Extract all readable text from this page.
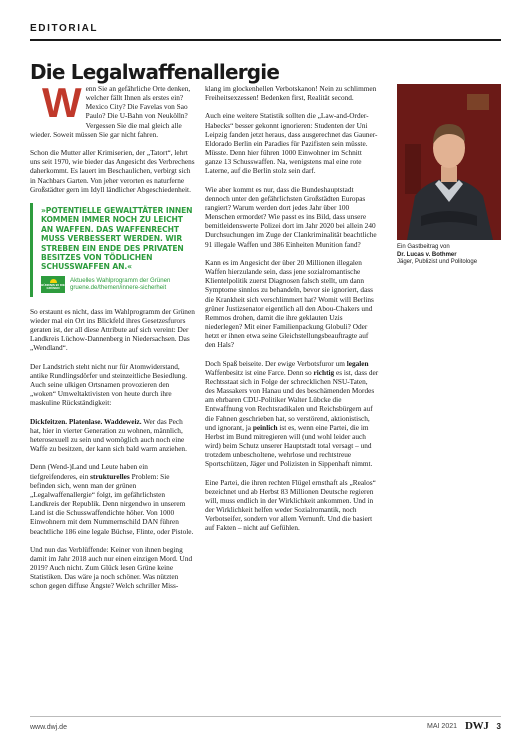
EDITORIAL
Die Legalwaffenallergie

Wenn Sie an gefährliche Orte denken, welcher fällt Ihnen als erstes ein? Mexico City? Die Favelas von Sao Paulo? Die U-Bahn von Neukölln? Vergessen Sie die mal gleich alle wieder. Soweit müssen Sie gar nicht fahren.

Schon die Mutter aller Krimiserien, der „Tatort“, lehrt uns seit 1970, wie bieder das Angesicht des Verbrechens daherkommt. Es lauert im Beschaulichen, verbirgt sich in Nachbars Garten. Von jeher verorten es naturferne Großstädter gern im Idyll ländlicher Abgeschiedenheit.

»POTENTIELLE GEWALTTÄTER INNEN KOMMEN IMMER NOCH ZU LEICHT AN WAFFEN. DAS WAFFENRECHT MUSS VERBESSERT WERDEN. WIR STREBEN EIN ENDE DES PRIVATEN BESITZES VON TÖDLICHEN SCHUSSWAFFEN AN.«
BÜNDNIS 90 DIE GRÜNEN
Aktuelles Wahlprogramm der Grünen
gruene.de/themen/innere-sicherheit

So erstaunt es nicht, dass im Wahlprogramm der Grünen wieder mal ein Ort ins Blickfeld ihres Gesetzesfurors geraten ist, der all diese Attribute auf sich vereint: Der Landkreis Lüchow-Dannenberg in Niedersachsen. Das „Wendland“.

Der Landstrich steht nicht nur für Atomwiderstand, antike Rundlingsdörfer und steinzeitliche Besiedlung. Auch seine ulkigen Ortsnamen provozieren den „woken“ Umweltaktivisten von heute durch ihre maskuline Rückständigkeit:

Dickfeitzen. Platenlase. Waddeweiz. Wer das Pech hat, hier in vierter Generation zu wohnen, männlich, heterosexuell zu sein und womöglich auch noch eine Waffe zu besitzen, der kann sich bald warm anziehen.

Denn (Wend-)Land und Leute haben ein tiefgreifenderes, ein strukturelles Problem: Sie befinden sich, wenn man der grünen „Legalwaffenallergie“ folgt, im gefährlichsten Landkreis der Republik. Denn nirgendwo in unserem Land ist die Schusswaffendichte höher. Von 1000 Einwohnern mit dem Nummernschild DAN führen beachtliche 186 eine legale Büchse, Flinte, oder Pistole.

Und nun das Verblüffende: Keiner von ihnen beging damit im Jahr 2018 auch nur einen einzigen Mord. Und 2019? Auch nicht. Zum Glück lesen Grüne keine Statistiken. Das wäre ja noch schöner. Was nützten schon gegen diffuse Ängste? Welch schriller Miss-

klang im glockenhellen Verbotskanon! Nein zu schlimmen Freiheitsexzessen! Bedenken first, Realität second.

Auch eine weitere Statistik sollten die „Law-and-Order-Habecks“ besser gekonnt ignorieren: Studenten der Uni Leipzig fanden jetzt heraus, dass ausgerechnet das Gauner-Eldorado Berlin ein Paradies für Pazifisten sein müsste. Müsste. Denn hier führen 1000 Einwohner im Schnitt ganze 13 Schusswaffen. Na, wenigstens mal eine rote Laterne, auf die Berlin stolz sein darf.

Wie aber kommt es nur, dass die Bundeshauptstadt dennoch unter den gefährlichsten Großstädten Europas rangiert? Warum werden dort jedes Jahr über 100 Menschen ermordet? Wie passt es ins Bild, dass unsere bemitleidenswerte Polizei dort im Jahr 2020 bei allein 240 Durchsuchungen im Zuge der Clankriminalität beachtliche 91 illegale Waffen und 386 Einheiten Munition fand?

Kann es im Angesicht der über 20 Millionen illegalen Waffen hierzulande sein, dass jene sozialromantische Klientelpolitik zuerst Diagnosen falsch stellt, um dann Symptome sinnlos zu behandeln, bevor sie ignoriert, dass die Krankheit sich verschlimmert hat? Womit will Berlins grüner Justizsenator eigentlich all den Abou-Chakers und Remmos drohen, damit die ihre geklauten Uzis niederlegen? Mit einer Familienpackung Globuli? Oder hetzt er ihnen etwa seine Gleichstellungsbeauftragte auf den Hals?

Doch Spaß beiseite. Der ewige Verbotsfuror um legalen Waffenbesitz ist eine Farce. Denn so richtig es ist, dass der Rechtsstaat sich in Folge der schrecklichen NSU-Taten, des Massakers von Hanau und des beschämenden Mordes am ehrbaren CDU-Politiker Walter Lübcke die Entwaffnung von Rechtsradikalen und Reichsbürgern auf die Fahnen geschrieben hat, so verstörend, aktionistisch, und ignorant, ja peinlich ist es, wenn eine Partei, die im Herbst im Bund mitregieren will (und wohl leider auch wird) beim Schutz unserer Hauptstadt total versagt – und trotzdem unbescholtene, wehrlose und rechtstreue Sportschützen, Jäger und Polizisten in Sippenhaft nimmt.

Eine Partei, die ihren rechten Flügel ernsthaft als „Realos“ bezeichnet und ab Herbst 83 Millionen Deutsche regieren will, muss endlich in der Wirklichkeit ankommen. Und in der Wirklichkeit helfen weder Sozialromantik, noch Verbotseifer, sondern vor allem Vernunft. Und die basiert auf Fakten – nicht auf Gefühlen.

Ein Gastbeitrag von
Dr. Lucas v. Bothmer
Jäger, Publizist und Politologe
www.dwj.de	MAI 2021 DWJ 3
